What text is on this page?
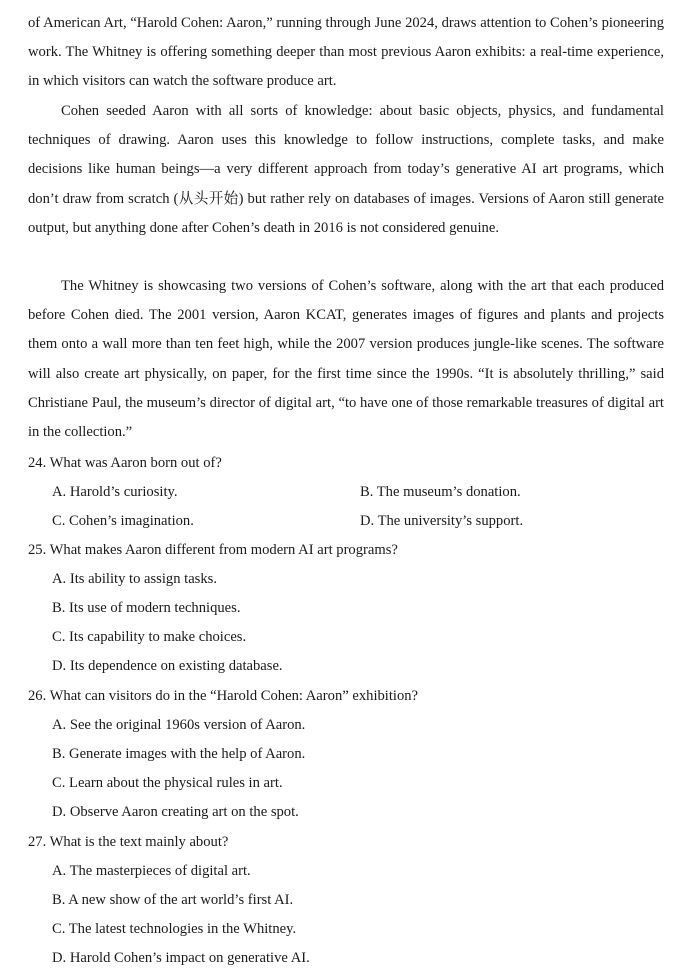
of American Art, “Harold Cohen: Aaron,” running through June 2024, draws attention to Cohen’s pioneering work. The Whitney is offering something deeper than most previous Aaron exhibits: a real-time experience, in which visitors can watch the software produce art.

Cohen seeded Aaron with all sorts of knowledge: about basic objects, physics, and fundamental techniques of drawing. Aaron uses this knowledge to follow instructions, complete tasks, and make decisions like human beings—a very different approach from today’s generative AI art programs, which don’t draw from scratch (从头开始) but rather rely on databases of images. Versions of Aaron still generate output, but anything done after Cohen’s death in 2016 is not considered genuine.

The Whitney is showcasing two versions of Cohen’s software, along with the art that each produced before Cohen died. The 2001 version, Aaron KCAT, generates images of figures and plants and projects them onto a wall more than ten feet high, while the 2007 version produces jungle-like scenes. The software will also create art physically, on paper, for the first time since the 1990s. “It is absolutely thrilling,” said Christiane Paul, the museum’s director of digital art, “to have one of those remarkable treasures of digital art in the collection.”

24. What was Aaron born out of?

A. Harold’s curiosity.	B. The museum’s donation.

C. Cohen’s imagination.	D. The university’s support.

25. What makes Aaron different from modern AI art programs?

A. Its ability to assign tasks.

B. Its use of modern techniques.

C. Its capability to make choices.

D. Its dependence on existing database.

26. What can visitors do in the “Harold Cohen: Aaron” exhibition?

A. See the original 1960s version of Aaron.

B. Generate images with the help of Aaron.

C. Learn about the physical rules in art.

D. Observe Aaron creating art on the spot.

27. What is the text mainly about?

A. The masterpieces of digital art.

B. A new show of the art world’s first AI.

C. The latest technologies in the Whitney.

D. Harold Cohen’s impact on generative AI.
